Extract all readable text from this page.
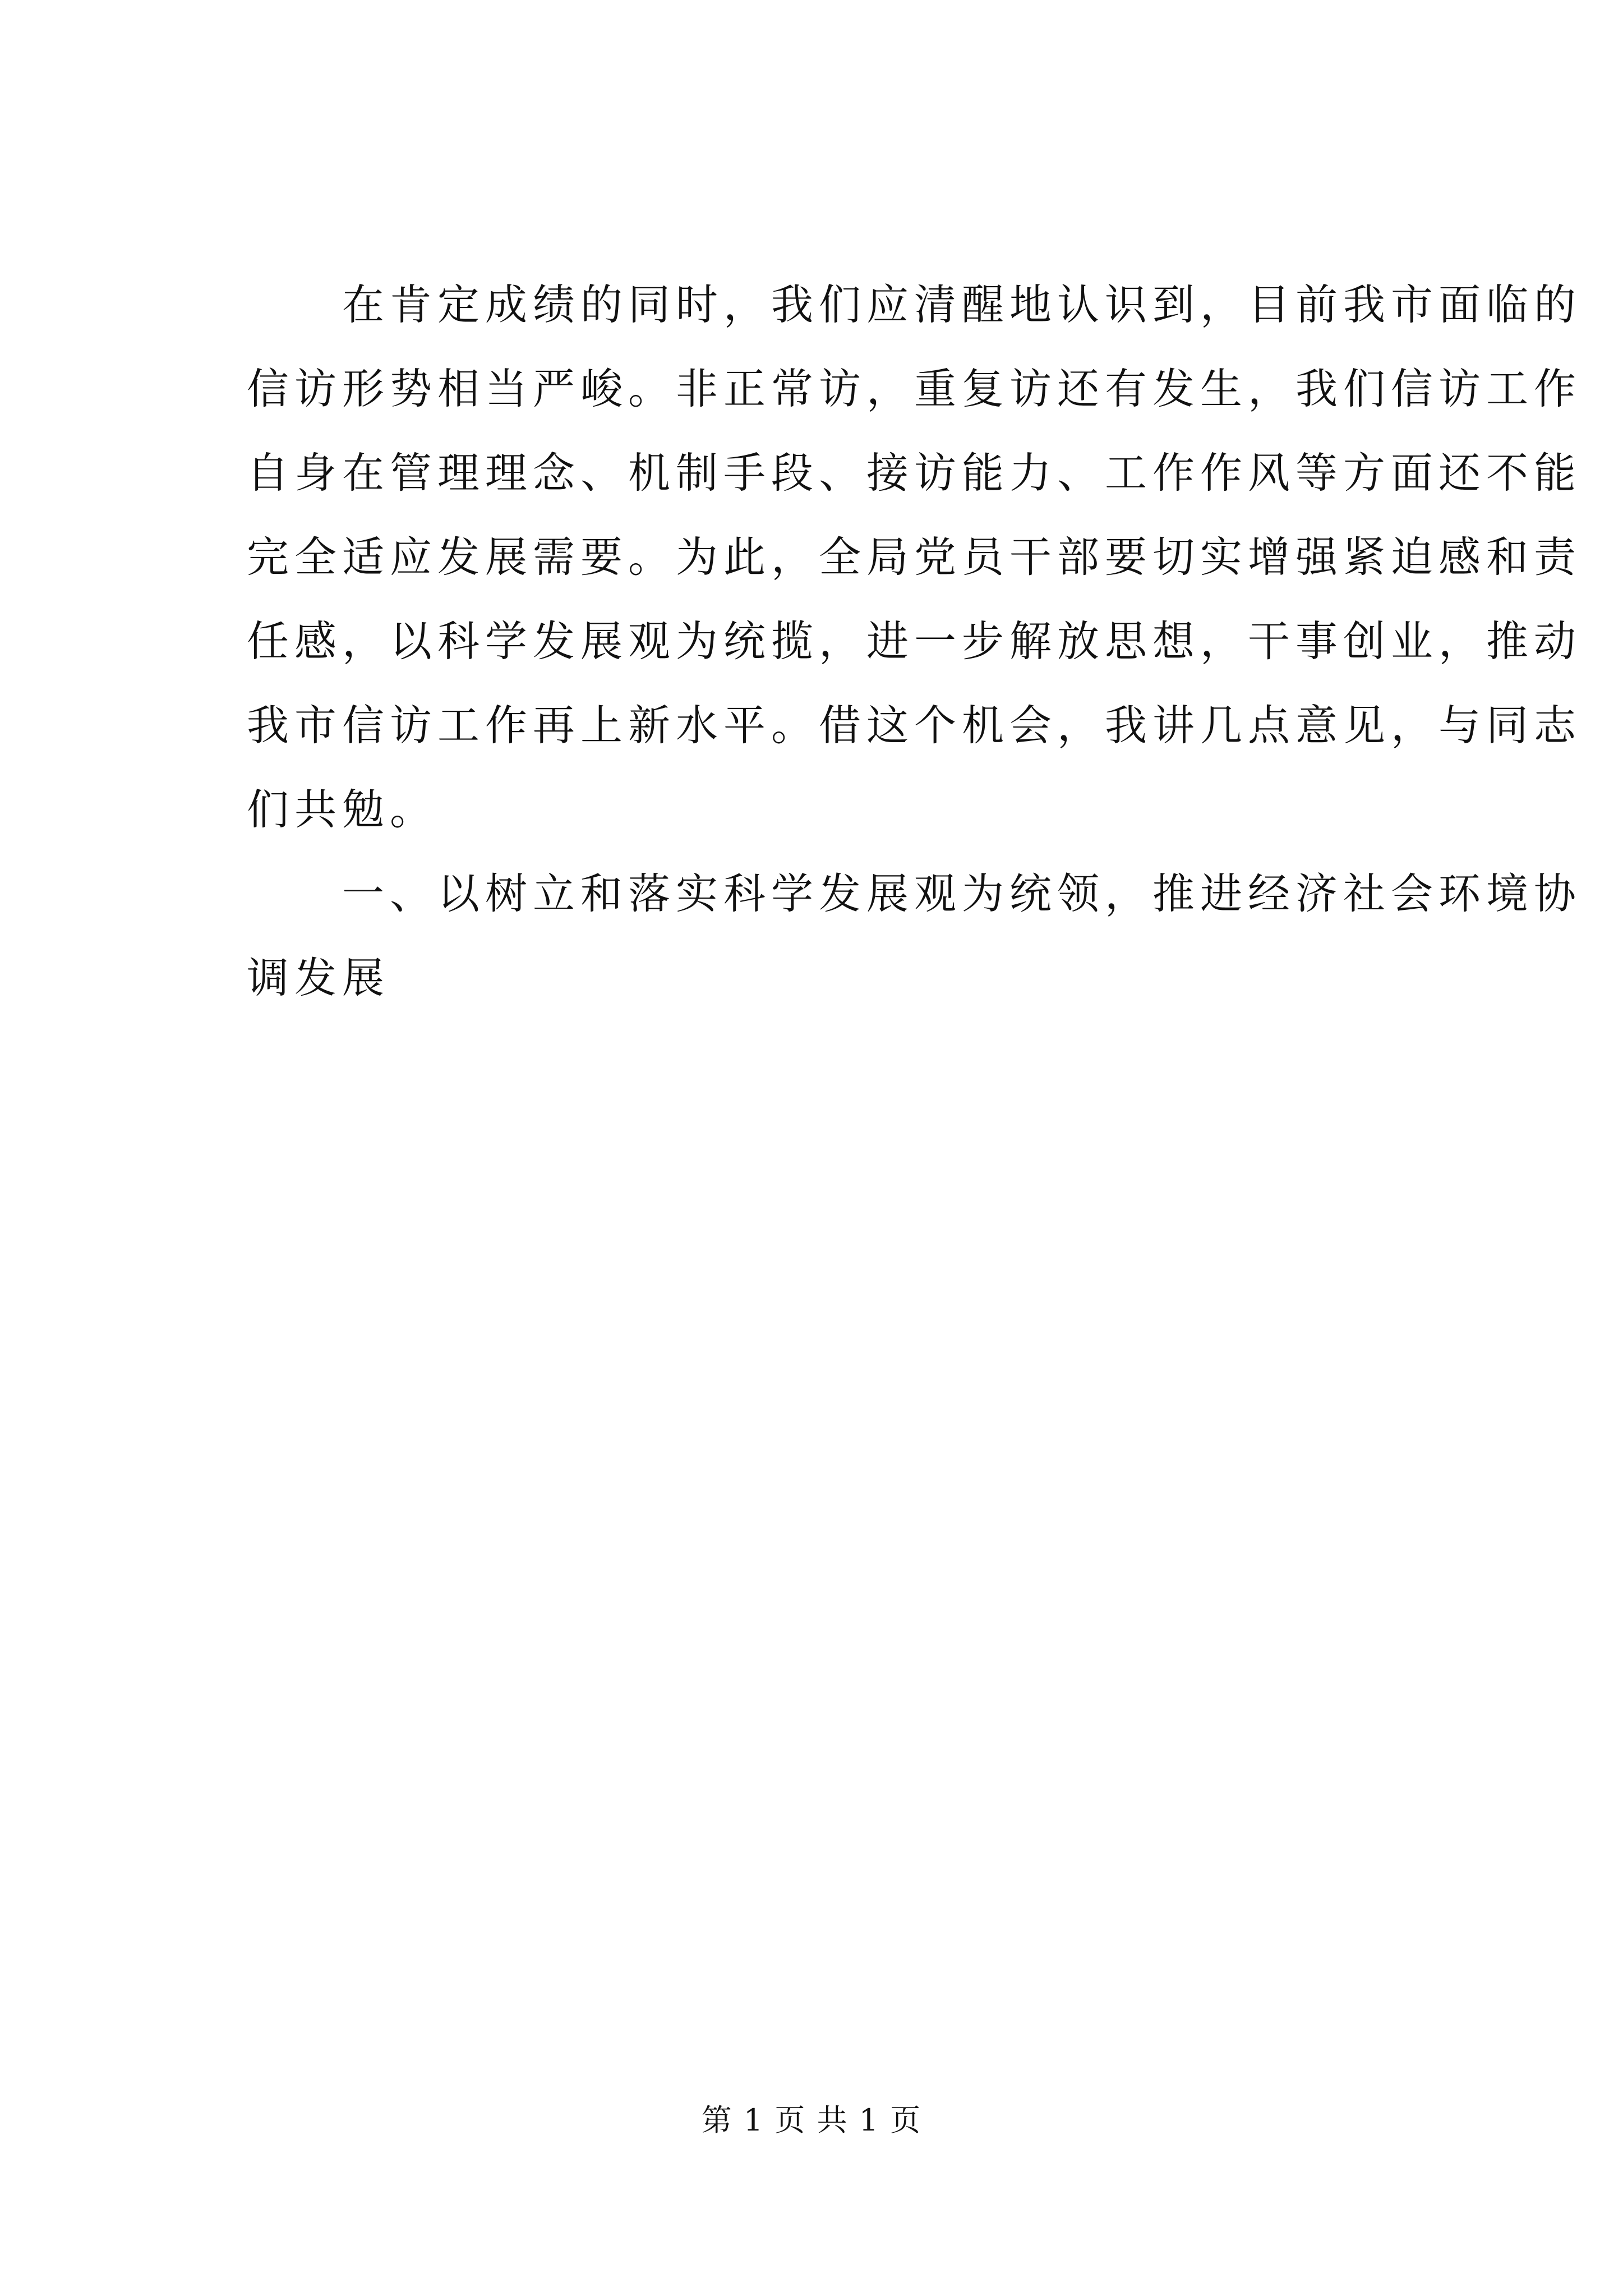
在肯定成绩的同时，我们应清醒地认识到，目前我市面临的
信访形势相当严峻。非正常访，重复访还有发生，我们信访工作
自身在管理理念、机制手段、接访能力、工作作风等方面还不能
完全适应发展需要。为此，全局党员干部要切实增强紧迫感和责
任感，以科学发展观为统揽，进一步解放思想，干事创业，推动
我市信访工作再上新水平。借这个机会，我讲几点意见，与同志
们共勉。

一、以树立和落实科学发展观为统领，推进经济社会环境协
调发展

第 1 页 共 1 页
